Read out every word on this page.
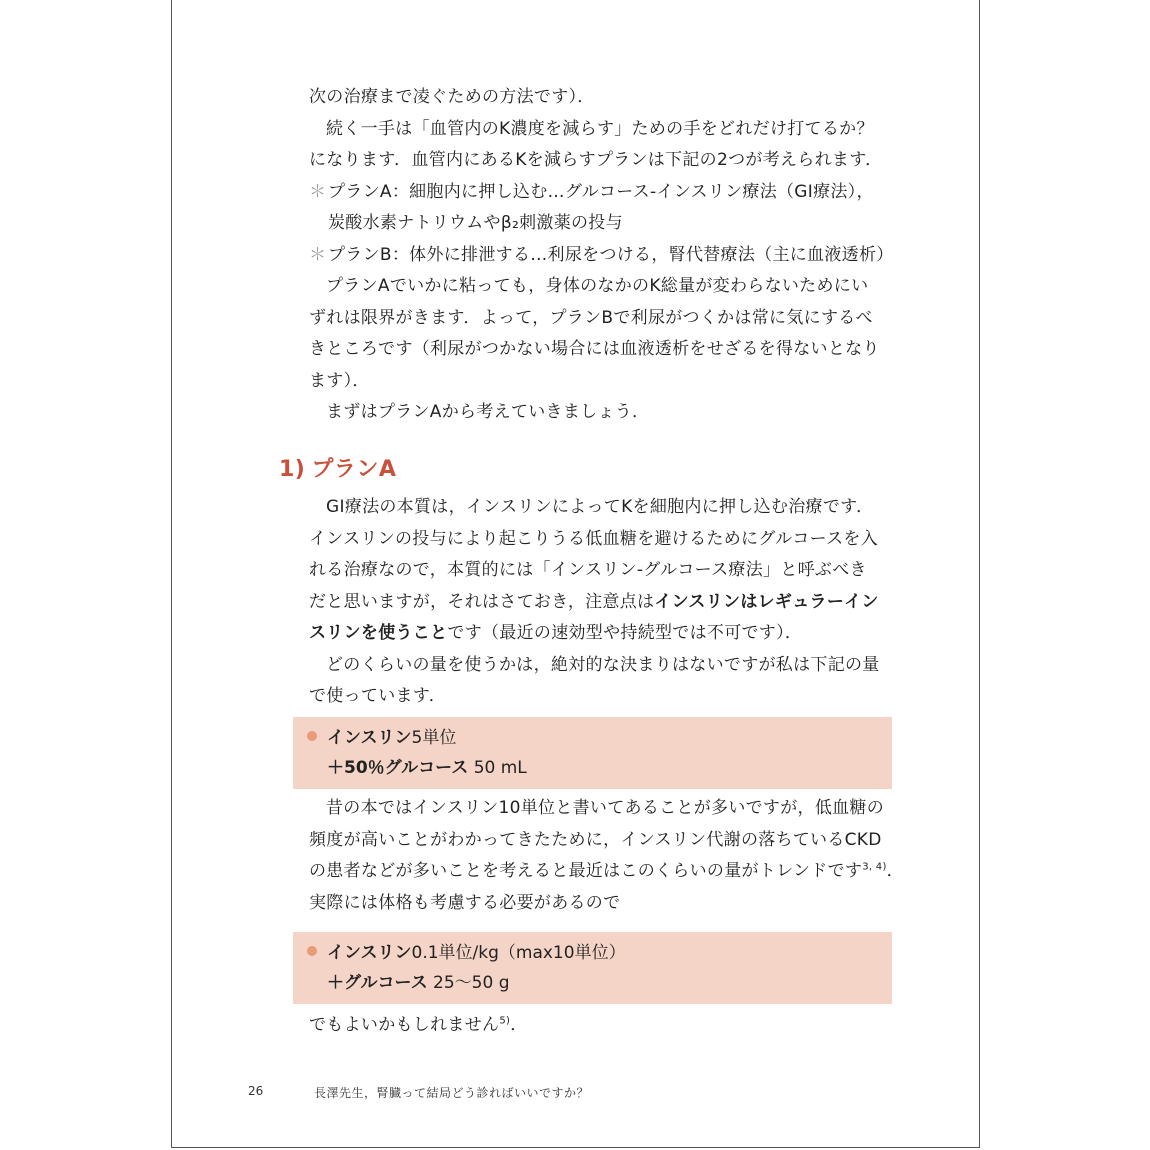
次の治療まで凌ぐための方法です）．
続く一手は「血管内のK濃度を減らす」ための手をどれだけ打てるか？
になります．血管内にあるKを減らすプランは下記の2つが考えられます．
＊プランA：細胞内に押し込む…グルコース-インスリン療法（GI療法），
炭酸水素ナトリウムやβ₂刺激薬の投与
＊プランB：体外に排泄する…利尿をつける，腎代替療法（主に血液透析）
プランAでいかに粘っても，身体のなかのK総量が変わらないためにい
ずれは限界がきます．よって，プランBで利尿がつくかは常に気にするべ
きところです（利尿がつかない場合には血液透析をせざるを得ないとなり
ます）．
まずはプランAから考えていきましょう．
1) プランA
GI療法の本質は，インスリンによってKを細胞内に押し込む治療です．
インスリンの投与により起こりうる低血糖を避けるためにグルコースを入
れる治療なので，本質的には「インスリン-グルコース療法」と呼ぶべき
だと思いますが，それはさておき，注意点はインスリンはレギュラーイン
スリンを使うことです（最近の速効型や持続型では不可です）．
どのくらいの量を使うかは，絶対的な決まりはないですが私は下記の量
で使っています．
インスリン5単位
＋50％グルコース 50 mL
昔の本ではインスリン10単位と書いてあることが多いですが，低血糖の
頻度が高いことがわかってきたために，インスリン代謝の落ちているCKD
の患者などが多いことを考えると最近はこのくらいの量がトレンドです$^{3, 4)}$．
実際には体格も考慮する必要があるので
インスリン0.1単位/kg（max10単位）
＋グルコース 25～50 g
でもよいかもしれません$^{5)}$．
26	長澤先生，腎臓って結局どう診ればいいですか？
